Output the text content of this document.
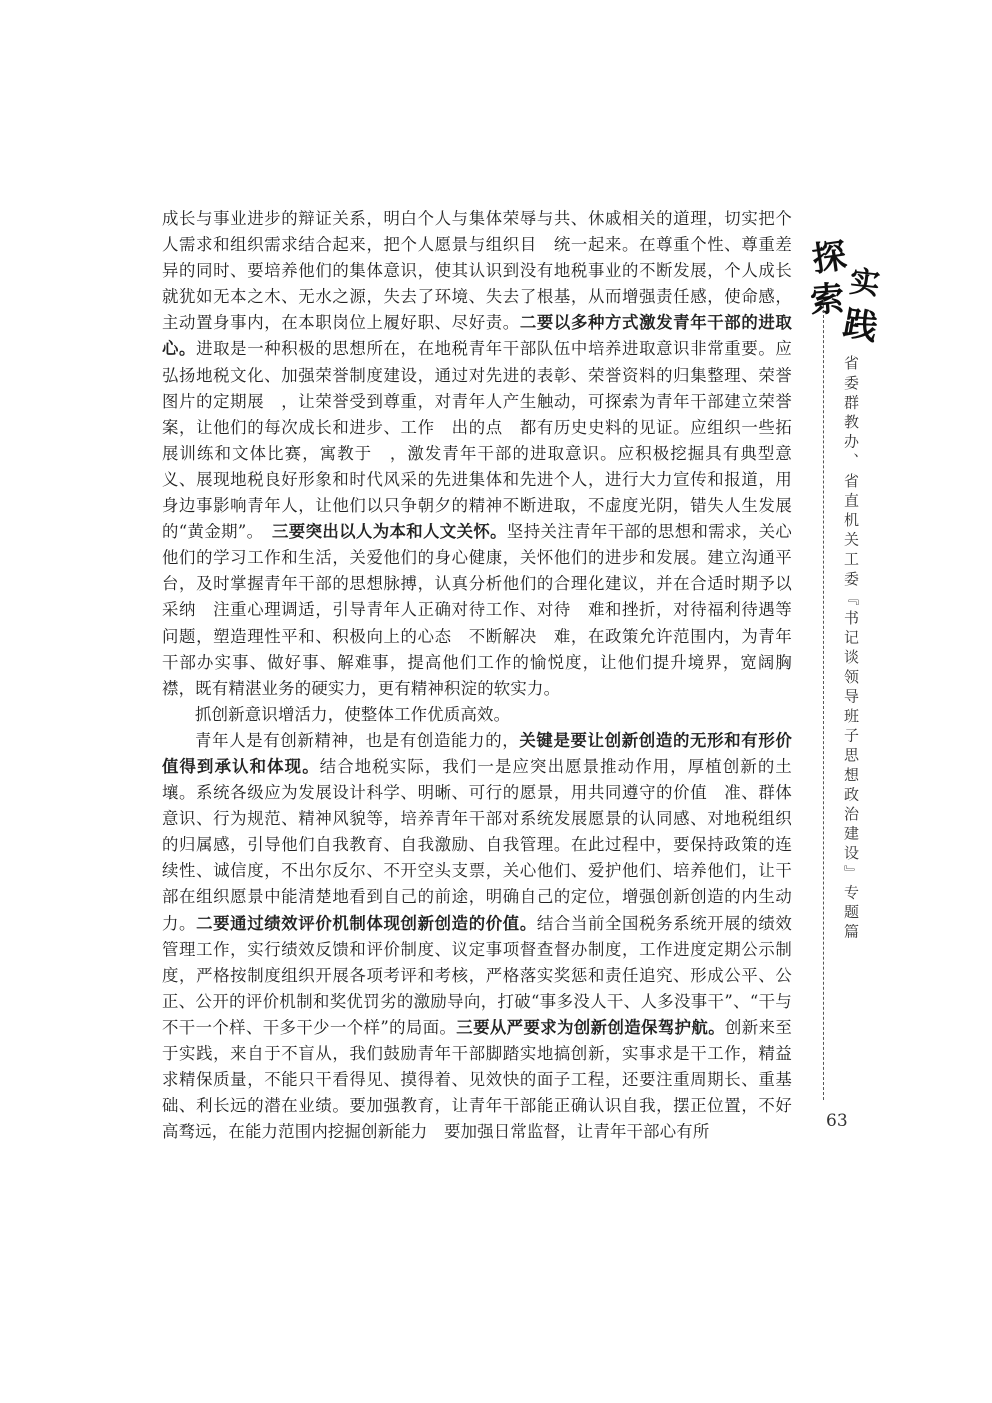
探
实
索
践
省委群教办、省直机关工委『书记谈领导班子思想政治建设』专题篇
63

成长与事业进步的辩证关系，明白个人与集体荣辱与共、休戚相关的道理，切实把个人需求和组织需求结合起来，把个人愿景与组织目　统一起来。在尊重个性、尊重差异的同时、要培养他们的集体意识，使其认识到没有地税事业的不断发展，个人成长就犹如无本之木、无水之源，失去了环境、失去了根基，从而增强责任感，使命感，主动置身事内，在本职岗位上履好职、尽好责。二要以多种方式激发青年干部的进取心。进取是一种积极的思想所在，在地税青年干部队伍中培养进取意识非常重要。应弘扬地税文化、加强荣誉制度建设，通过对先进的表彰、荣誉资料的归集整理、荣誉图片的定期展　，让荣誉受到尊重，对青年人产生触动，可探索为青年干部建立荣誉　案，让他们的每次成长和进步、工作　出的点　都有历史史料的见证。应组织一些拓展训练和文体比赛，寓教于　，激发青年干部的进取意识。应积极挖掘具有典型意义、展现地税良好形象和时代风采的先进集体和先进个人，进行大力宣传和报道，用身边事影响青年人，让他们以只争朝夕的精神不断进取，不虚度光阴，错失人生发展的“黄金期”。　三要突出以人为本和人文关怀。坚持关注青年干部的思想和需求，关心他们的学习工作和生活，关爱他们的身心健康，关怀他们的进步和发展。建立沟通平台，及时掌握青年干部的思想脉搏，认真分析他们的合理化建议，并在合适时期予以采纳　注重心理调适，引导青年人正确对待工作、对待　难和挫折，对待福利待遇等问题，塑造理性平和、积极向上的心态　不断解决　难，在政策允许范围内，为青年干部办实事、做好事、解难事，提高他们工作的愉悦度，让他们提升境界，宽阔胸襟，既有精湛业务的硬实力，更有精神积淀的软实力。

抓创新意识增活力，使整体工作优质高效。

青年人是有创新精神，也是有创造能力的，关键是要让创新创造的无形和有形价值得到承认和体现。结合地税实际，我们一是应突出愿景推动作用，厚植创新的土壤。系统各级应为发展设计科学、明晰、可行的愿景，用共同遵守的价值　准、群体意识、行为规范、精神风貌等，培养青年干部对系统发展愿景的认同感、对地税组织的归属感，引导他们自我教育、自我激励、自我管理。在此过程中，要保持政策的连续性、诚信度，不出尔反尔、不开空头支票，关心他们、爱护他们、培养他们，让干部在组织愿景中能清楚地看到自己的前途，明确自己的定位，增强创新创造的内生动力。二要通过绩效评价机制体现创新创造的价值。结合当前全国税务系统开展的绩效管理工作，实行绩效反馈和评价制度、议定事项督查督办制度，工作进度定期公示制度，严格按制度组织开展各项考评和考核，严格落实奖惩和责任追究、形成公平、公正、公开的评价机制和奖优罚劣的激励导向，打破“事多没人干、人多没事干”、“干与不干一个样、干多干少一个样”的局面。三要从严要求为创新创造保驾护航。创新来至于实践，来自于不盲从，我们鼓励青年干部脚踏实地搞创新，实事求是干工作，精益求精保质量，不能只干看得见、摸得着、见效快的面子工程，还要注重周期长、重基础、利长远的潜在业绩。要加强教育，让青年干部能正确认识自我，摆正位置，不好高骛远，在能力范围内挖掘创新能力　要加强日常监督，让青年干部心有所
